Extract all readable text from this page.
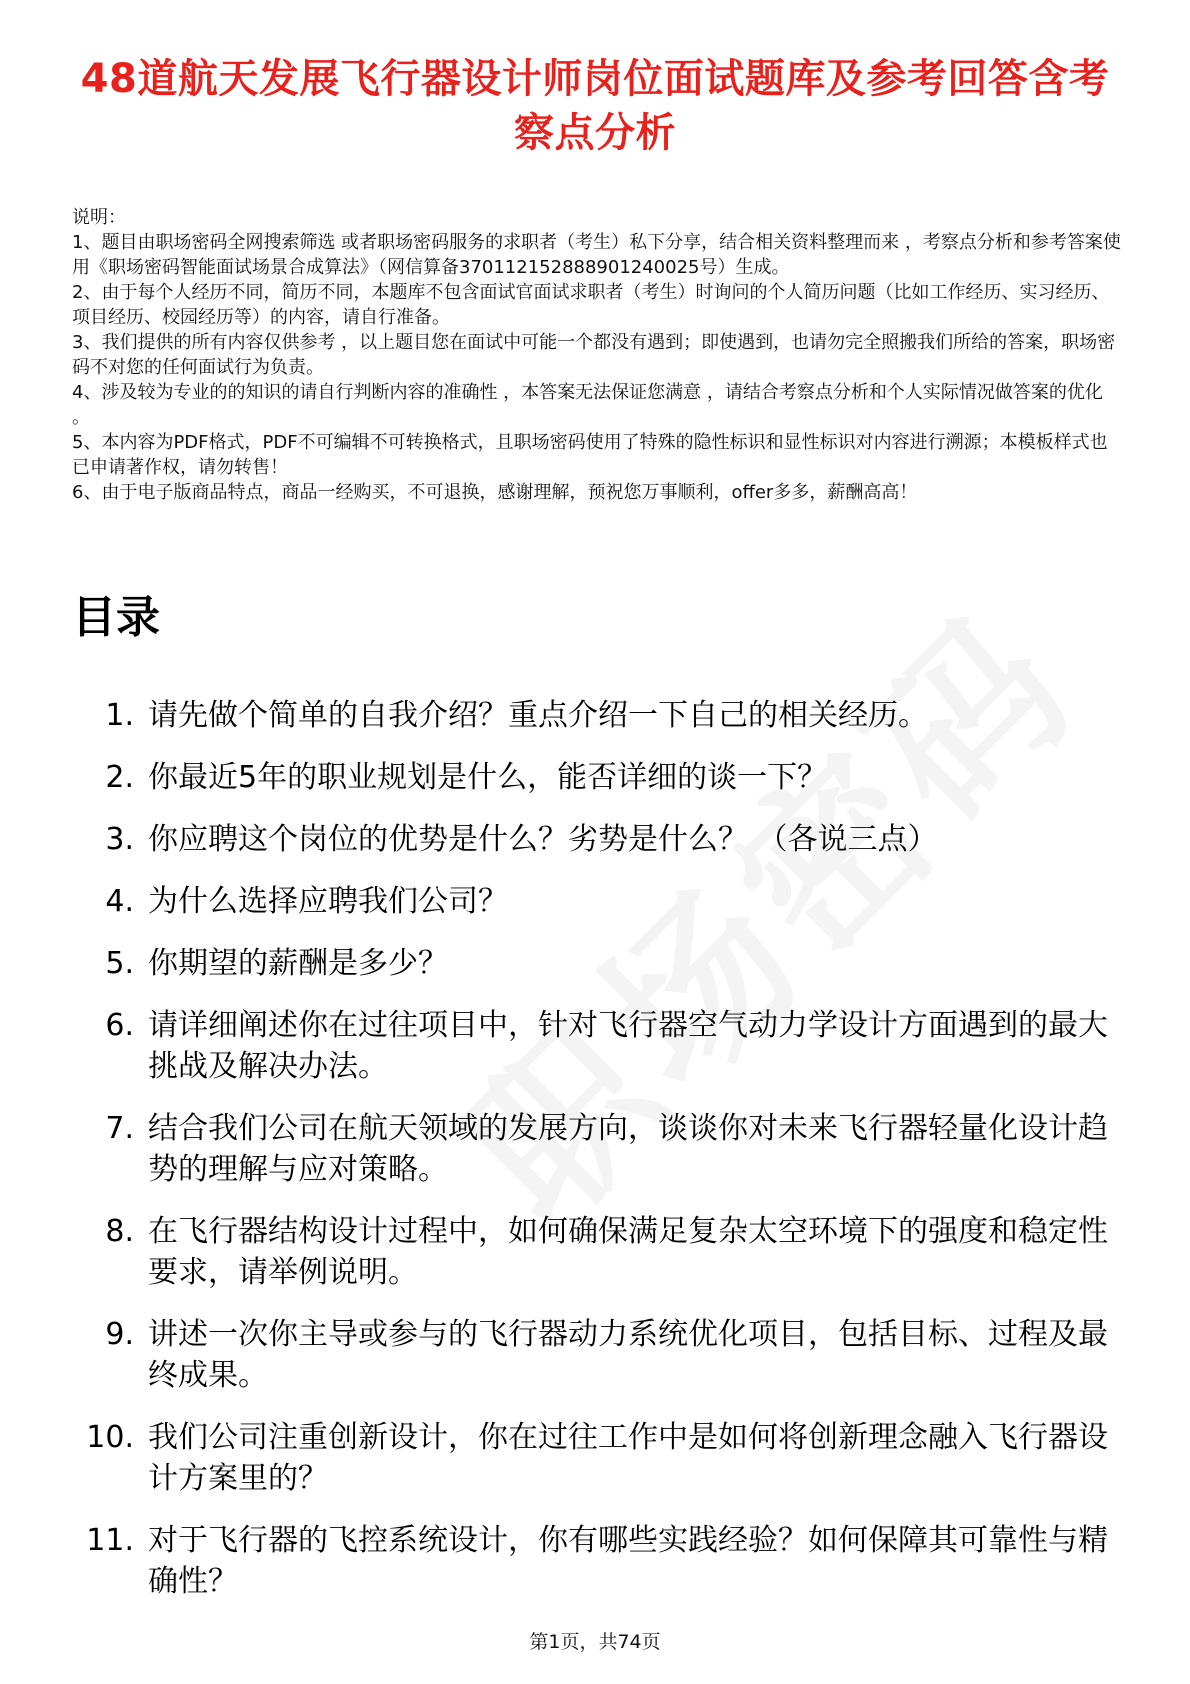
48道航天发展飞行器设计师岗位面试题库及参考回答含考察点分析

说明：

1、题目由职场密码全网搜索筛选 或者职场密码服务的求职者（考生）私下分享，结合相关资料整理而来 ，考察点分析和参考答案使用《职场密码智能面试场景合成算法》（网信算备370112152888901240025号）生成。

2、由于每个人经历不同，简历不同，本题库不包含面试官面试求职者（考生）时询问的个人简历问题（比如工作经历、实习经历、项目经历、校园经历等）的内容，请自行准备。

3、我们提供的所有内容仅供参考 ，以上题目您在面试中可能一个都没有遇到；即使遇到，也请勿完全照搬我们所给的答案，职场密码不对您的任何面试行为负责。

4、涉及较为专业的的知识的请自行判断内容的准确性 ，本答案无法保证您满意 ，请结合考察点分析和个人实际情况做答案的优化 。

5、本内容为PDF格式，PDF不可编辑不可转换格式，且职场密码使用了特殊的隐性标识和显性标识对内容进行溯源；本模板样式也已申请著作权，请勿转售！

6、由于电子版商品特点，商品一经购买，不可退换，感谢理解，预祝您万事顺利，offer多多，薪酬高高！

目录
1. 请先做个简单的自我介绍？重点介绍一下自己的相关经历。
2. 你最近5年的职业规划是什么，能否详细的谈一下？
3. 你应聘这个岗位的优势是什么？劣势是什么？ （各说三点）
4. 为什么选择应聘我们公司？
5. 你期望的薪酬是多少？
6. 请详细阐述你在过往项目中，针对飞行器空气动力学设计方面遇到的最大挑战及解决办法。
7. 结合我们公司在航天领域的发展方向，谈谈你对未来飞行器轻量化设计趋势的理解与应对策略。
8. 在飞行器结构设计过程中，如何确保满足复杂太空环境下的强度和稳定性要求，请举例说明。
9. 讲述一次你主导或参与的飞行器动力系统优化项目，包括目标、过程及最终成果。
10. 我们公司注重创新设计，你在过往工作中是如何将创新理念融入飞行器设计方案里的？
11. 对于飞行器的飞控系统设计，你有哪些实践经验？如何保障其可靠性与精确性？
第1页，共74页
